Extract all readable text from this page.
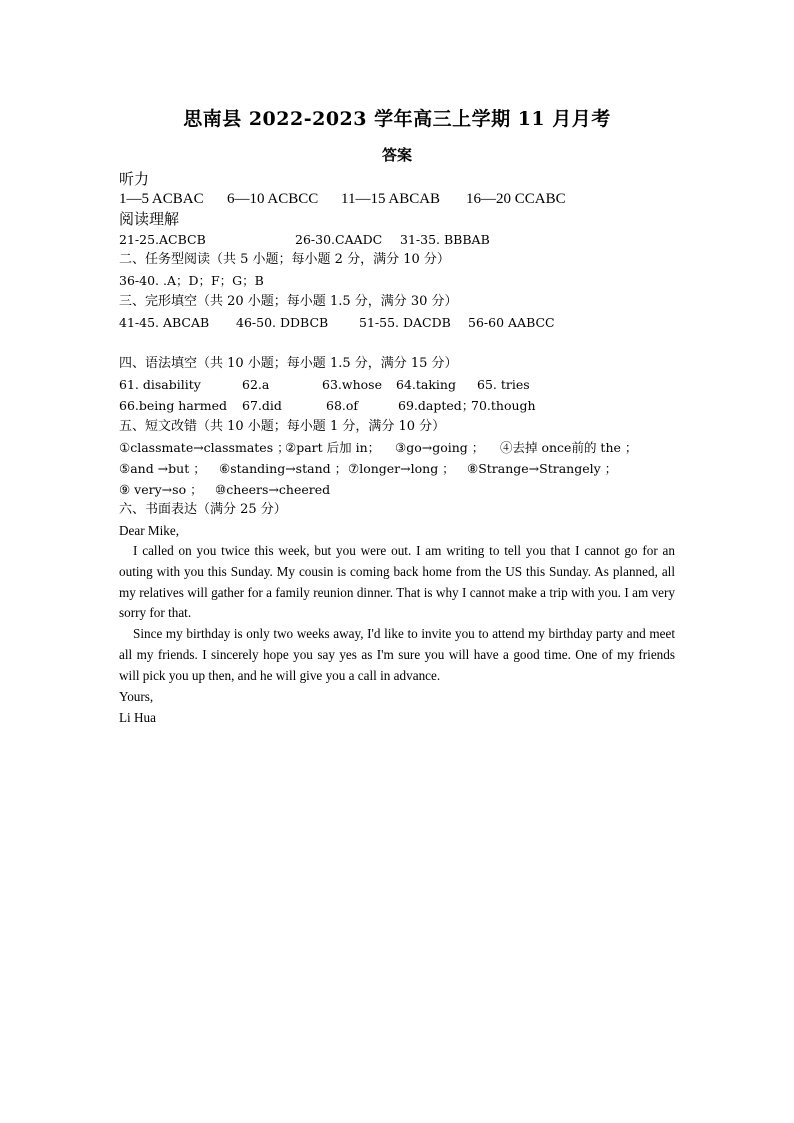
思南县 2022-2023 学年高三上学期 11 月月考
答案
听力
1—5 ACBAC 6—10 ACBCC 11—15 ABCAB 16—20 CCABC
阅读理解
21-25.ACBCB	26-30.CAADC 31-35. BBBAB
二、任务型阅读（共 5 小题；每小题 2 分，满分 10 分）
36-40. .A；D；F；G；B
三、完形填空（共 20 小题；每小题 1.5 分，满分 30 分）
41-45. ABCAB 46-50. DDBCB 51-55. DACDB 56-60 AABCC
四、语法填空（共 10 小题；每小题 1.5 分，满分 15 分）
61. disability	62.a	63.whose 64.taking 65. tries
66.being harmed 67.did	68.of	69.dapted；
70.though
五、短文改错（共 10 小题；每小题 1 分，满分 10 分）
①classmate→classmates ；
②part 后加 in； ③go→going ； ④去掉 once前的 the ；
⑤and →but ； ⑥standing→stand ； ⑦longer→long ； ⑧Strange→Strangely ；
⑨ very→so ； ⑩cheers→cheered
六、书面表达（满分 25 分）
Dear Mike,
I called on you twice this week, but you were out. I am writing to tell you that I cannot go for an outing with you this Sunday. My cousin is coming back home from the US this Sunday. As planned, all my relatives will gather for a family reunion dinner. That is why I cannot make a trip with you. I am very sorry for that.
Since my birthday is only two weeks away, I'd like to invite you to attend my birthday party and meet all my friends. I sincerely hope you say yes as I'm sure you will have a good time. One of my friends will pick you up then, and he will give you a call in advance.
Yours,
Li Hua
